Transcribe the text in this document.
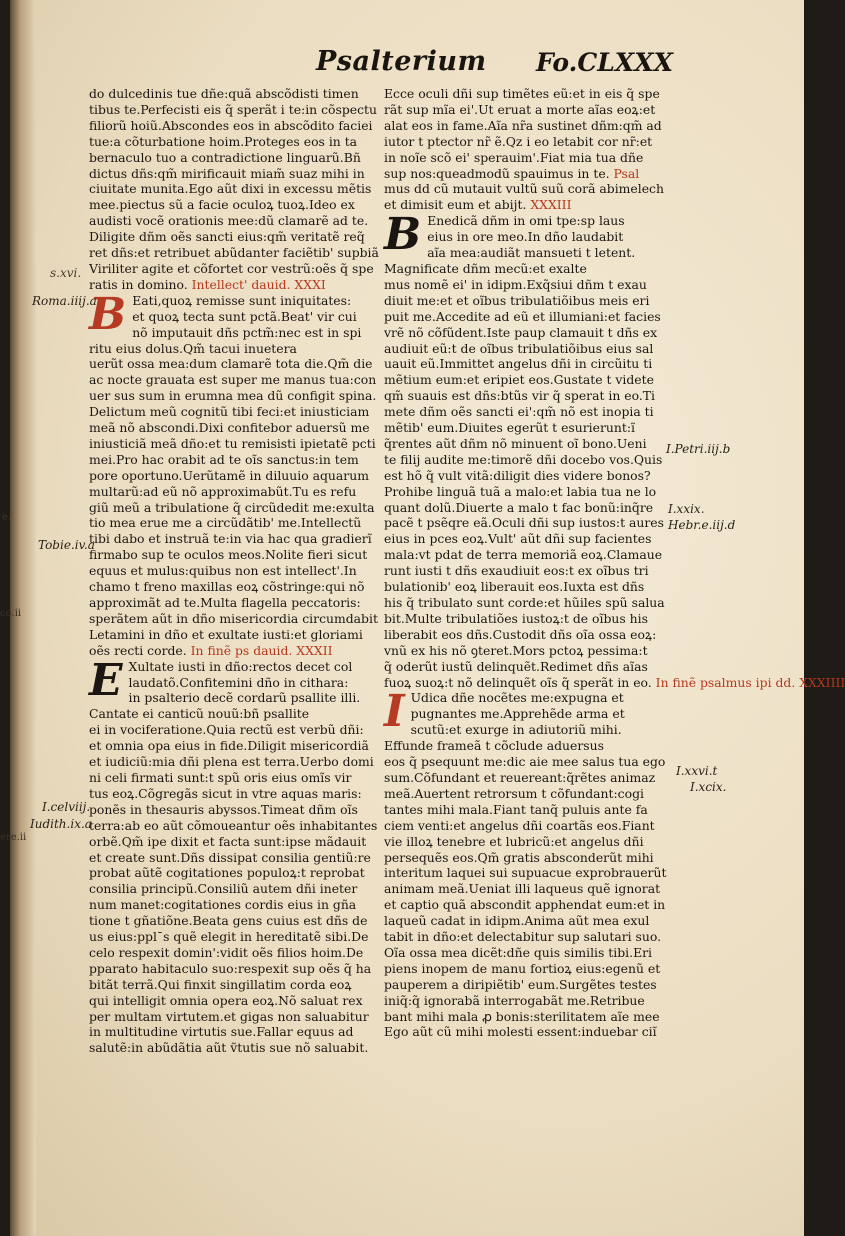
e.
ce.ii
ere.ii
Psalterium Fo.CLXXX

do dulcedinis tue dñe:quã abscõdisti timen

tibus te.Perfecisti eis q̃ sperãt i te:in cõspectu

filiorũ hoiũ.Abscondes eos in abscõdito faciei

tue:a cõturbatione hoim.Proteges eos in ta

bernaculo tuo a contradictione linguarũ.Bñ

dictus dñs:qm̃ mirificauit miam̃ suaz mihi in

ciuitate munita.Ego aũt dixi in excessu mẽtis

mee.piectus sũ a facie oculoꝝ tuoꝝ.Ideo ex

audisti vocẽ orationis mee:dũ clamarẽ ad te.

Diligite dñm oẽs sancti eius:qm̃ veritatẽ req̃

ret dñs:et retribuet abũdanter faciẽtib' supbiã

Viriliter agite et cõfortet cor vestrũ:oẽs q̃ spe

ratis in domino. Intellect' dauid. XXXI

B Eati,quoꝝ remisse sunt iniquitates:

et quoꝝ tecta sunt pctã.Beat' vir cui

nõ imputauit dñs pctm̃:nec est in spi

ritu eius dolus.Qm̃ tacui inuetera

uerũt ossa mea:dum clamarẽ tota die.Qm̃ die

ac nocte grauata est super me manus tua:con

uer sus sum in erumna mea dũ configit spina.

Delictum meũ cognitũ tibi feci:et iniusticiam

meã nõ abscondi.Dixi confitebor aduersũ me

iniusticiã meã dño:et tu remisisti ipietatẽ pcti

mei.Pro hac orabit ad te oĩs sanctus:in tem

pore oportuno.Uerũtamẽ in diluuio aquarum

multarũ:ad eũ nõ approximabũt.Tu es refu

giũ meũ a tribulatione q̃ circũdedit me:exulta

tio mea erue me a circũdãtib' me.Intellectũ

tibi dabo et instruã te:in via hac qua gradierĩ

firmabo sup te oculos meos.Nolite fieri sicut

equus et mulus:quibus non est intellect'.In

chamo t freno maxillas eoꝝ cõstringe:qui nõ

approximãt ad te.Multa flagella peccatoris:

sperãtem aũt in dño misericordia circumdabit

Letamini in dño et exultate iusti:et gloriami

oẽs recti corde. In finẽ ps dauid. XXXII

E Xultate iusti in dño:rectos decet col

laudatõ.Confitemini dño in cithara:

in psalterio decẽ cordarũ psallite illi.

Cantate ei canticũ nouũ:bñ psallite

ei in vociferatione.Quia rectũ est verbũ dñi:

et omnia opa eius in fide.Diligit misericordiã

et iudiciũ:mia dñi plena est terra.Uerbo domi

ni celi firmati sunt:t spũ oris eius omĩs vir

tus eoꝝ.Cõgregãs sicut in vtre aquas maris:

ponẽs in thesauris abyssos.Timeat dñm oĩs

terra:ab eo aũt cõmoueantur oẽs inhabitantes

orbẽ.Qm̃ ipe dixit et facta sunt:ipse mãdauit

et create sunt.Dñs dissipat consilia gentiũ:re

probat aũtẽ cogitationes populoꝝ:t reprobat

consilia principũ.Consiliũ autem dñi ineter

num manet:cogitationes cordis eius in gña

tione t gñatiõne.Beata gens cuius est dñs de

us eius:pplˉs quẽ elegit in hereditatẽ sibi.De

celo respexit domin':vidit oẽs filios hoim.De

pparato habitaculo suo:respexit sup oẽs q̃ ha

bitãt terrã.Qui finxit singillatim corda eoꝝ

qui intelligit omnia opera eoꝝ.Nõ saluat rex

per multam virtutem.et gigas non saluabitur

in multitudine virtutis sue.Fallar equus ad

salutẽ:in abũdãtia aũt ṽtutis sue nõ saluabit.

Ecce oculi dñi sup timẽtes eũ:et in eis q̃ spe

rãt sup mĩa ei'.Ut eruat a morte aĩas eoꝝ:et

alat eos in fame.Aĩa nr̃a sustinet dñm:qm̃ ad

iutor t ptector nr̃ ẽ.Qz i eo letabit cor nr̃:et

in noĩe scõ ei' sperauim'.Fiat mia tua dñe

sup nos:queadmodũ spauimus in te. Psal

mus dd cũ mutauit vultũ suũ corã abimelech

et dimisit eum et abijt. XXXIII

B Enedicã dñm in omi tpe:sp laus

eius in ore meo.In dño laudabit

aĩa mea:audiãt mansueti t letent.

Magnificate dñm mecũ:et exalte

mus nomẽ ei' in idipm.Exq̃siui dñm t exau

diuit me:et et oĩbus tribulatiõibus meis eri

puit me.Accedite ad eũ et illumiani:et facies

vrẽ nõ cõfũdent.Iste paup clamauit t dñs ex

audiuit eũ:t de oĩbus tribulatiõibus eius sal

uauit eũ.Immittet angelus dñi in circũitu ti

mẽtium eum:et eripiet eos.Gustate t videte

qm̃ suauis est dñs:btũs vir q̃ sperat in eo.Ti

mete dñm oẽs sancti ei':qm̃ nõ est inopia ti

mẽtib' eum.Diuites egerũt t esurierunt:ĩ

q̃rentes aũt dñm nõ minuent oĩ bono.Ueni

te filij audite me:timorẽ dñi docebo vos.Quis

est hõ q̃ vult vitã:diligit dies videre bonos?

Prohibe linguã tuã a malo:et labia tua ne lo

quant dolũ.Diuerte a malo t fac bonũ:inq̃re

pacẽ t psẽqre eã.Oculi dñi sup iustos:t aures

eius in pces eoꝝ.Vult' aũt dñi sup facientes

mala:vt pdat de terra memoriã eoꝝ.Clamaue

runt iusti t dñs exaudiuit eos:t ex oĩbus tri

bulationib' eoꝝ liberauit eos.Iuxta est dñs

his q̃ tribulato sunt corde:et hũiles spũ salua

bit.Multe tribulatiões iustoꝝ:t de oĩbus his

liberabit eos dñs.Custodit dñs oĩa ossa eoꝝ:

vnũ ex his nõ ꝯteret.Mors pctoꝝ pessima:t

q̃ oderũt iustũ delinquẽt.Redimet dñs aĩas

fuoꝝ suoꝝ:t nõ delinquẽt oĩs q̃ sperãt in eo. In finẽ psalmus ipi dd. XXXIIII

I Udica dñe nocẽtes me:expugna et

pugnantes me.Apprehẽde arma et

scutũ:et exurge in adiutoriũ mihi.

Effunde frameã t cõclude aduersus

eos q̃ psequunt me:dic aie mee salus tua ego

sum.Cõfundant et reuereant:q̃rẽtes animaz

meã.Auertent retrorsum t cõfundant:cogi

tantes mihi mala.Fiant tanq̃ puluis ante fa

ciem venti:et angelus dñi coartãs eos.Fiant

vie illoꝝ tenebre et lubricũ:et angelus dñi

persequẽs eos.Qm̃ gratis absconderũt mihi

interitum laquei sui supuacue exprobrauerũt

animam meã.Ueniat illi laqueus quẽ ignorat

et captio quã abscondit apphendat eum:et in

laqueũ cadat in idipm.Anima aũt mea exul

tabit in dño:et delectabitur sup salutari suo.

Oĩa ossa mea dicẽt:dñe quis similis tibi.Eri

piens inopem de manu fortioꝝ eius:egenũ et

pauperem a diripiẽtib' eum.Surgẽtes testes

iniq̃:q̃ ignorabã interrogabãt me.Retribue

bant mihi mala ꝓ bonis:sterilitatem aĩe mee

Ego aũt cũ mihi molesti essent:induebar ciĩ

s.xvi.
Roma.iiij.a
Tobie.iv.a
I.celviij.
Iudith.ix.a
I.Petri.iij.b
I.xxix.
Hebr.e.iij.d
I.xxvi.t
I.xcix.
